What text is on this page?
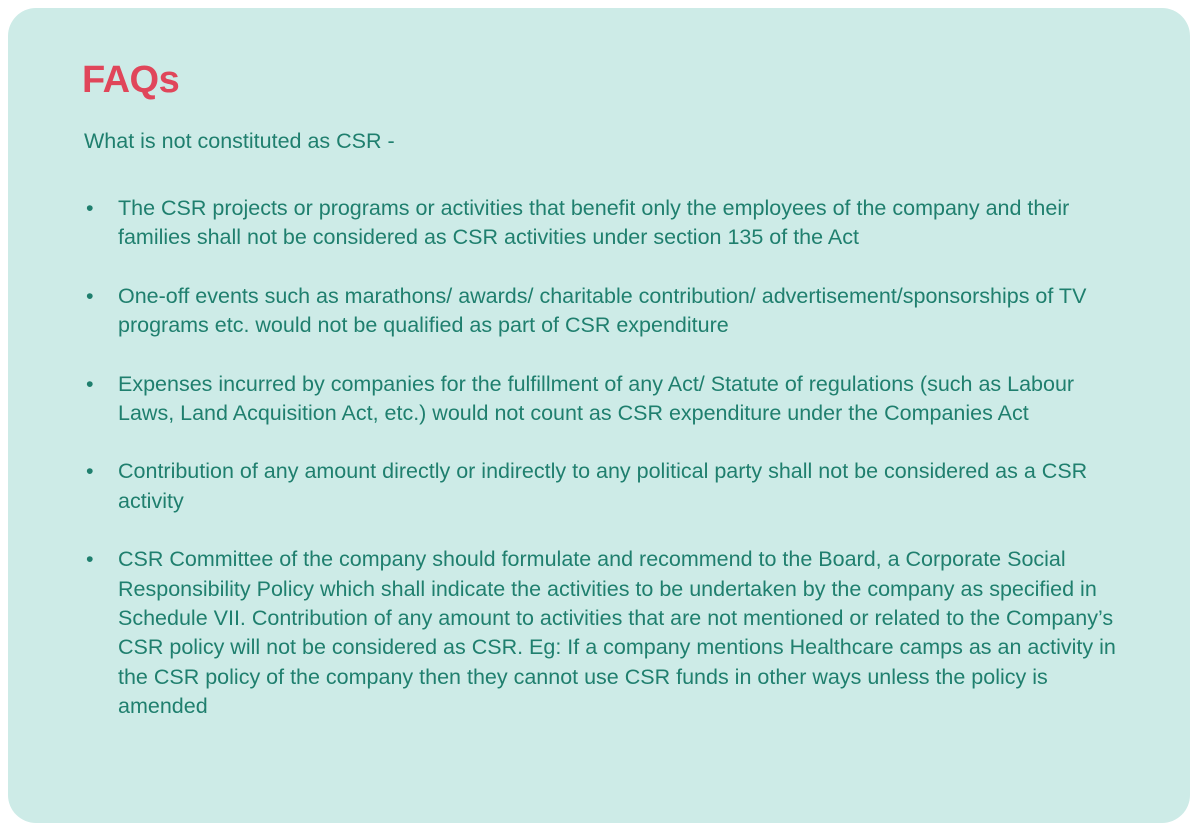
FAQs

What is not constituted as CSR -

• The CSR projects or programs or activities that benefit only the employees of the company and their families shall not be considered as CSR activities under section 135 of the Act
• One-off events such as marathons/ awards/ charitable contribution/ advertisement/sponsorships of TV programs etc. would not be qualified as part of CSR expenditure
• Expenses incurred by companies for the fulfillment of any Act/ Statute of regulations (such as Labour Laws, Land Acquisition Act, etc.) would not count as CSR expenditure under the Companies Act
• Contribution of any amount directly or indirectly to any political party shall not be considered as a CSR activity
• CSR Committee of the company should formulate and recommend to the Board, a Corporate Social Responsibility Policy which shall indicate the activities to be undertaken by the company as specified in Schedule VII. Contribution of any amount to activities that are not mentioned or related to the Company’s CSR policy will not be considered as CSR. Eg: If a company mentions Healthcare camps as an activity in the CSR policy of the company then they cannot use CSR funds in other ways unless the policy is amended
